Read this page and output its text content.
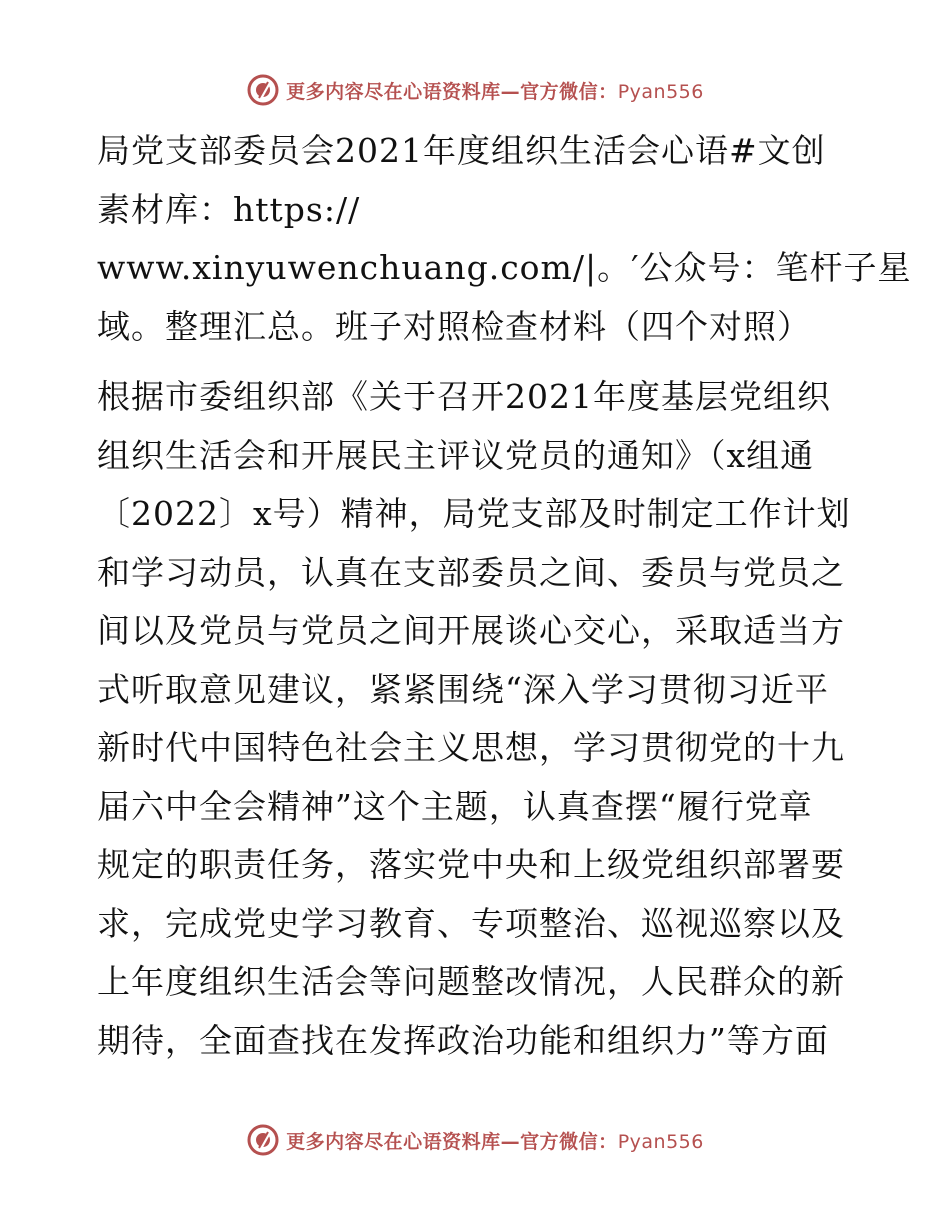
更多内容尽在心语资料库—官方微信：Pyan556
局党支部委员会2021年度组织生活会心语#文创
素材库：https://
www.xinyuwenchuang.com/|。′公众号：笔杆子星
域。整理汇总。班子对照检查材料（四个对照）
根据市委组织部《关于召开2021年度基层党组织
组织生活会和开展民主评议党员的通知》（x组通
〔2022〕x号）精神，局党支部及时制定工作计划
和学习动员，认真在支部委员之间、委员与党员之
间以及党员与党员之间开展谈心交心，采取适当方
式听取意见建议，紧紧围绕“深入学习贯彻习近平
新时代中国特色社会主义思想，学习贯彻党的十九
届六中全会精神”这个主题，认真查摆“履行党章
规定的职责任务，落实党中央和上级党组织部署要
求，完成党史学习教育、专项整治、巡视巡察以及
上年度组织生活会等问题整改情况，人民群众的新
期待，全面查找在发挥政治功能和组织力”等方面
更多内容尽在心语资料库—官方微信：Pyan556
